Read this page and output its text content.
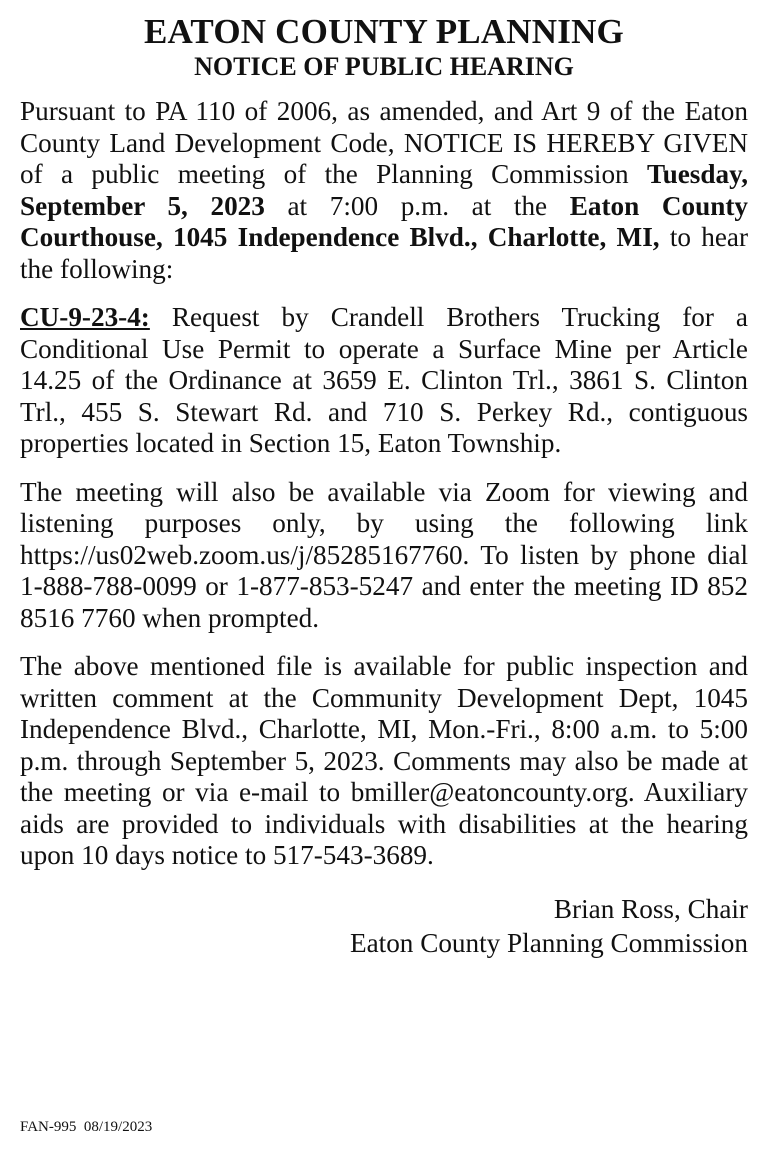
EATON COUNTY PLANNING
NOTICE OF PUBLIC HEARING

Pursuant to PA 110 of 2006, as amended, and Art 9 of the Eaton County Land Development Code, NOTICE IS HEREBY GIVEN of a public meeting of the Planning Commission Tuesday, September 5, 2023 at 7:00 p.m. at the Eaton County Courthouse, 1045 Independence Blvd., Charlotte, MI, to hear the following:

CU-9-23-4: Request by Crandell Brothers Trucking for a Conditional Use Permit to operate a Surface Mine per Article 14.25 of the Ordinance at 3659 E. Clinton Trl., 3861 S. Clinton Trl., 455 S. Stewart Rd. and 710 S. Perkey Rd., contiguous properties located in Section 15, Eaton Township.

The meeting will also be available via Zoom for viewing and listening purposes only, by using the following link https://us02web.zoom.us/j/85285167760. To listen by phone dial 1-888-788-0099 or 1-877-853-5247 and enter the meeting ID 852 8516 7760 when prompted.

The above mentioned file is available for public inspection and written comment at the Community Development Dept, 1045 Independence Blvd., Charlotte, MI, Mon.-Fri., 8:00 a.m. to 5:00 p.m. through September 5, 2023. Comments may also be made at the meeting or via e-mail to bmiller@eatoncounty.org. Auxiliary aids are provided to individuals with disabilities at the hearing upon 10 days notice to 517-543-3689.

Brian Ross, Chair
Eaton County Planning Commission
FAN-995  08/19/2023
